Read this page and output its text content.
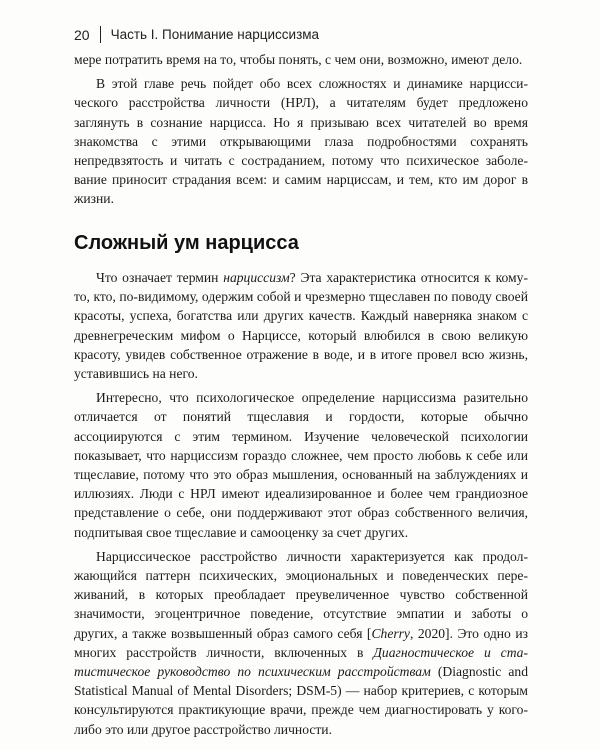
20 Часть I. Понимание нарциссизма

мере потратить время на то, чтобы понять, с чем они, возможно, имеют дело.

В этой главе речь пойдет обо всех сложностях и динамике нарциссического расстройства личности (НРЛ), а читателям будет предложено заглянуть в сознание нарцисса. Но я призываю всех читателей во время знакомства с этими открывающими глаза подробностями сохранять непредвзятость и читать с состраданием, потому что психическое заболевание приносит страдания всем: и самим нарциссам, и тем, кто им дорог в жизни.

Сложный ум нарцисса

Что означает термин нарциссизм? Эта характеристика относится к кому-то, кто, по-видимому, одержим собой и чрезмерно тщеславен по поводу своей красоты, успеха, богатства или других качеств. Каждый наверняка знаком с древнегреческим мифом о Нарциссе, который влюбился в свою великую красоту, увидев собственное отражение в воде, и в итоге провел всю жизнь, уставившись на него.

Интересно, что психологическое определение нарциссизма разительно отличается от понятий тщеславия и гордости, которые обычно ассоциируются с этим термином. Изучение человеческой психологии показывает, что нарциссизм гораздо сложнее, чем просто любовь к себе или тщеславие, потому что это образ мышления, основанный на заблуждениях и иллюзиях. Люди с НРЛ имеют идеализированное и более чем грандиозное представление о себе, они поддерживают этот образ собственного величия, подпитывая свое тщеславие и самооценку за счет других.

Нарциссическое расстройство личности характеризуется как продолжающийся паттерн психических, эмоциональных и поведенческих переживаний, в которых преобладает преувеличенное чувство собственной значимости, эгоцентричное поведение, отсутствие эмпатии и заботы о других, а также возвышенный образ самого себя [Cherry, 2020]. Это одно из многих расстройств личности, включенных в Диагностическое и статистическое руководство по психическим расстройствам (Diagnostic and Statistical Manual of Mental Disorders; DSM-5) — набор критериев, с которым консультируются практикующие врачи, прежде чем диагностировать у кого-либо это или другое расстройство личности.
